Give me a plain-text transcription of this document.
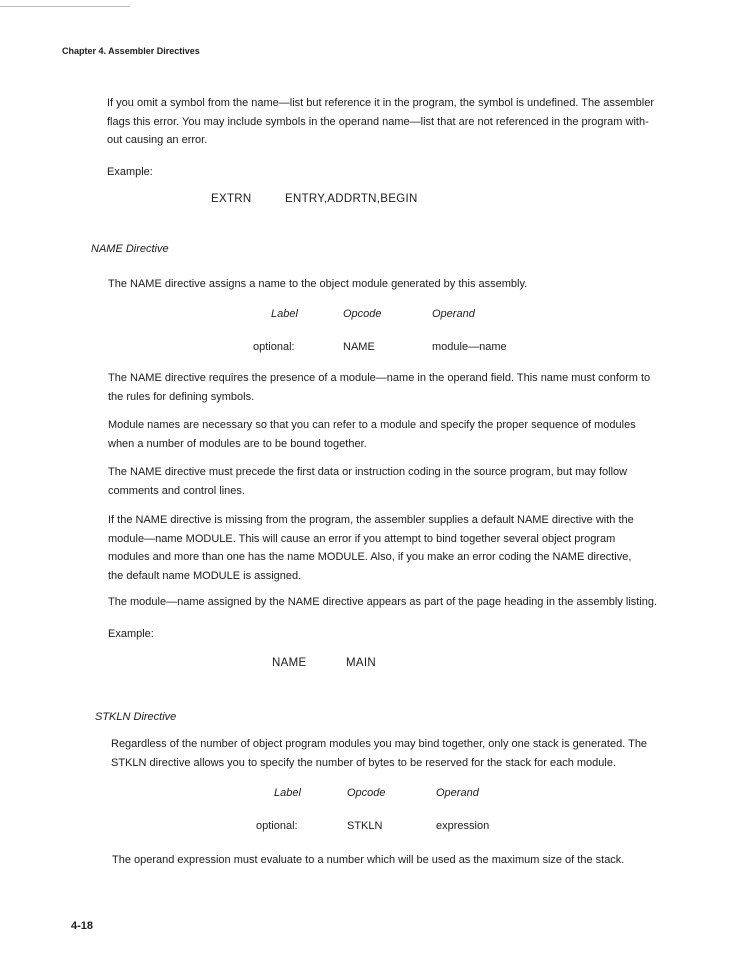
Chapter 4. Assembler Directives
If you omit a symbol from the name—list but reference it in the program, the symbol is undefined. The assembler
flags this error. You may include symbols in the operand name—list that are not referenced in the program with-
out causing an error.
Example:
EXTRN	ENTRY,ADDRTN,BEGIN
NAME Directive
The NAME directive assigns a name to the object module generated by this assembly.
Label	Opcode	Operand
optional:	NAME	module—name
The NAME directive requires the presence of a module—name in the operand field. This name must conform to
the rules for defining symbols.
Module names are necessary so that you can refer to a module and specify the proper sequence of modules
when a number of modules are to be bound together.
The NAME directive must precede the first data or instruction coding in the source program, but may follow
comments and control lines.
If the NAME directive is missing from the program, the assembler supplies a default NAME directive with the
module—name MODULE. This will cause an error if you attempt to bind together several object program
modules and more than one has the name MODULE. Also, if you make an error coding the NAME directive,
the default name MODULE is assigned.
The module—name assigned by the NAME directive appears as part of the page heading in the assembly listing.
Example:
NAME	MAIN
STKLN Directive
Regardless of the number of object program modules you may bind together, only one stack is generated. The
STKLN directive allows you to specify the number of bytes to be reserved for the stack for each module.
Label	Opcode	Operand
optional:	STKLN	expression
The operand expression must evaluate to a number which will be used as the maximum size of the stack.
4-18
